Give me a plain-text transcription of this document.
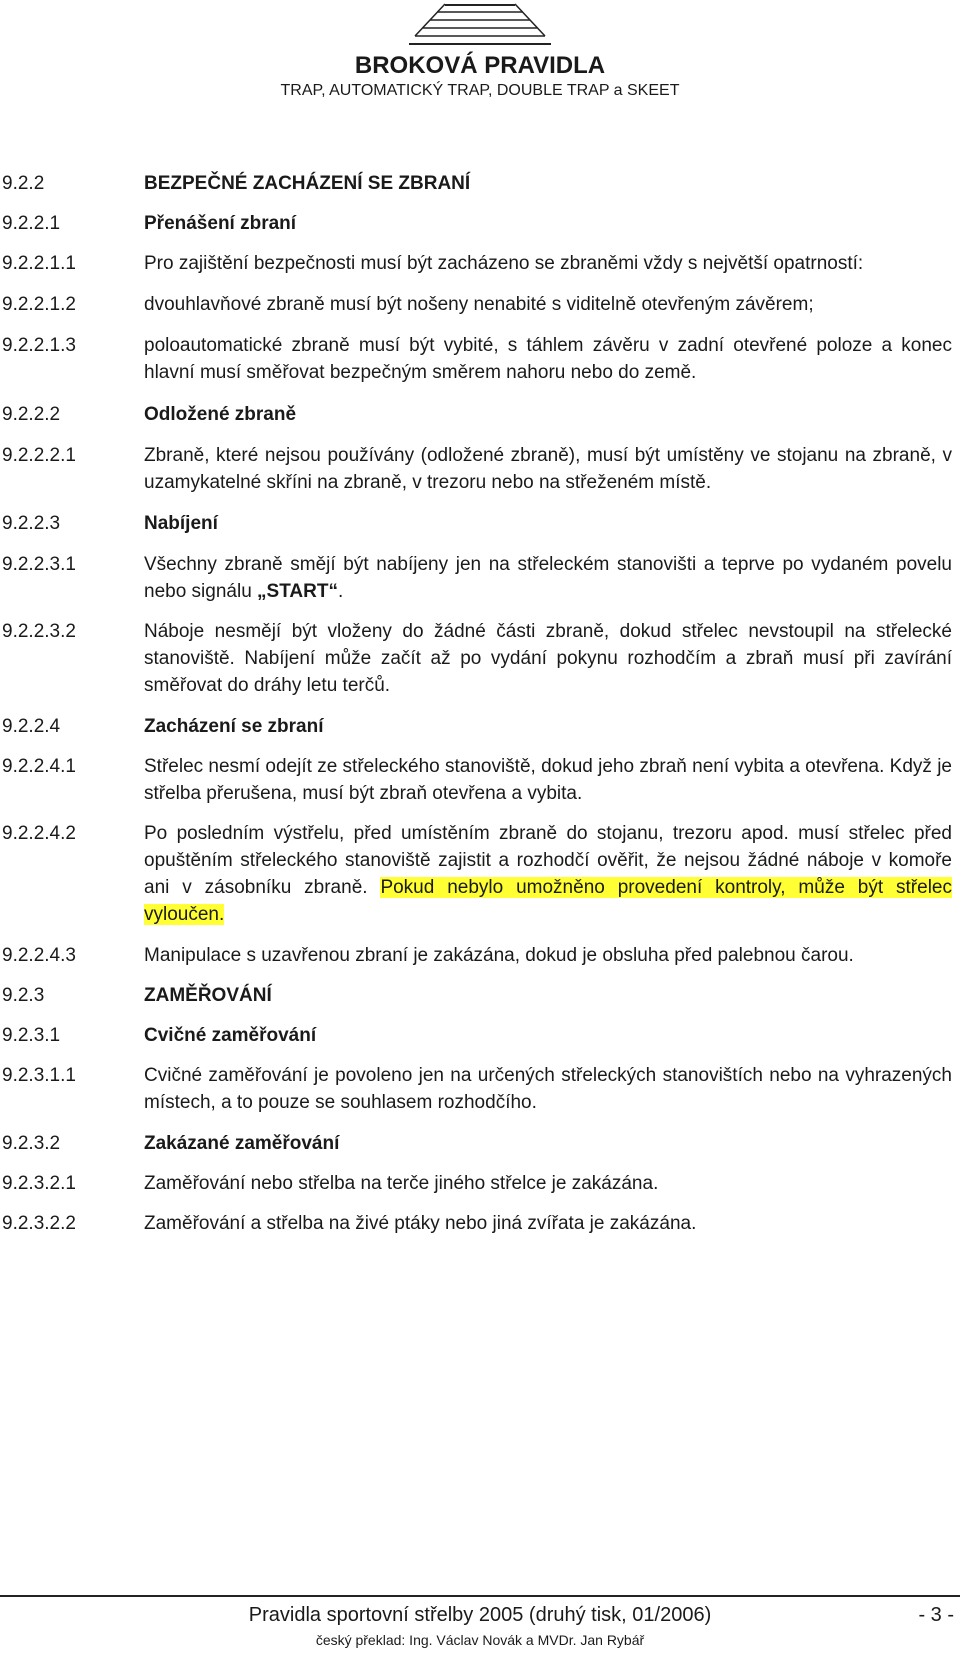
BROKOVÁ PRAVIDLA
TRAP, AUTOMATICKÝ TRAP, DOUBLE TRAP a SKEET
9.2.2	BEZPEČNÉ ZACHÁZENÍ SE ZBRANÍ
9.2.2.1	Přenášení zbraní
9.2.2.1.1	Pro zajištění bezpečnosti musí být zacházeno se zbraněmi vždy s největší opatrností:
9.2.2.1.2	dvouhlavňové zbraně musí být nošeny nenabité s viditelně otevřeným závěrem;
9.2.2.1.3	poloautomatické zbraně musí být vybité, s táhlem závěru v zadní otevřené poloze a konec hlavní musí směřovat bezpečným směrem nahoru nebo do země.
9.2.2.2	Odložené zbraně
9.2.2.2.1	Zbraně, které nejsou používány (odložené zbraně), musí být umístěny ve stojanu na zbraně, v uzamykatelné skříni na zbraně, v trezoru nebo na střeženém místě.
9.2.2.3	Nabíjení
9.2.2.3.1	Všechny zbraně smějí být nabíjeny jen na střeleckém stanovišti a teprve po vydaném povelu nebo signálu „START“.
9.2.2.3.2	Náboje nesmějí být vloženy do žádné části zbraně, dokud střelec nevstoupil na střelecké stanoviště. Nabíjení může začít až po vydání pokynu rozhodčím a zbraň musí při zavírání směřovat do dráhy letu terčů.
9.2.2.4	Zacházení se zbraní
9.2.2.4.1	Střelec nesmí odejít ze střeleckého stanoviště, dokud jeho zbraň není vybita a otevřena. Když je střelba přerušena, musí být zbraň otevřena a vybita.
9.2.2.4.2	Po posledním výstřelu, před umístěním zbraně do stojanu, trezoru apod. musí střelec před opuštěním střeleckého stanoviště zajistit a rozhodčí ověřit, že nejsou žádné náboje v komoře ani v zásobníku zbraně. Pokud nebylo umožněno provedení kontroly, může být střelec vyloučen.
9.2.2.4.3	Manipulace s uzavřenou zbraní je zakázána, dokud je obsluha před palebnou čarou.
9.2.3	ZAMĚŘOVÁNÍ
9.2.3.1	Cvičné zaměřování
9.2.3.1.1	Cvičné zaměřování je povoleno jen na určených střeleckých stanovištích nebo na vyhrazených místech, a to pouze se souhlasem rozhodčího.
9.2.3.2	Zakázané zaměřování
9.2.3.2.1	Zaměřování nebo střelba na terče jiného střelce je zakázána.
9.2.3.2.2	Zaměřování a střelba na živé ptáky nebo jiná zvířata je zakázána.
Pravidla sportovní střelby 2005 (druhý tisk, 01/2006)	- 3 -
český překlad: Ing. Václav Novák a MVDr. Jan Rybář
